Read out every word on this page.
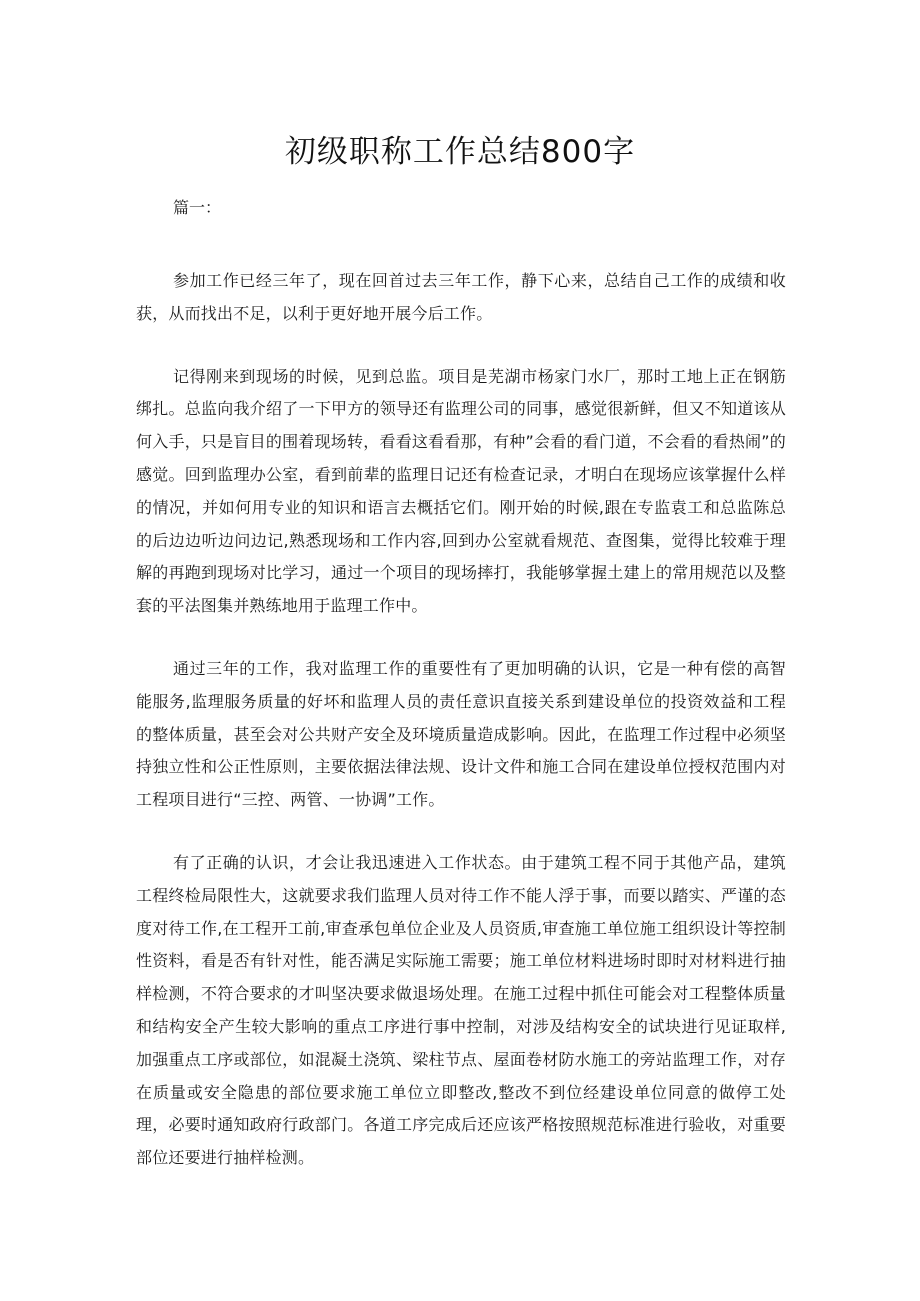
初级职称工作总结800字

篇一：

参加工作已经三年了，现在回首过去三年工作，静下心来，总结自己工作的成绩和收获，从而找出不足，以利于更好地开展今后工作。

记得刚来到现场的时候，见到总监。项目是芜湖市杨家门水厂，那时工地上正在钢筋绑扎。总监向我介绍了一下甲方的领导还有监理公司的同事，感觉很新鲜，但又不知道该从何入手，只是盲目的围着现场转，看看这看看那，有种”会看的看门道，不会看的看热闹”的感觉。回到监理办公室，看到前辈的监理日记还有检查记录，才明白在现场应该掌握什么样的情况，并如何用专业的知识和语言去概括它们。刚开始的时候,跟在专监袁工和总监陈总的后边边听边问边记,熟悉现场和工作内容,回到办公室就看规范、查图集，觉得比较难于理解的再跑到现场对比学习，通过一个项目的现场摔打，我能够掌握土建上的常用规范以及整套的平法图集并熟练地用于监理工作中。

通过三年的工作，我对监理工作的重要性有了更加明确的认识，它是一种有偿的高智能服务,监理服务质量的好坏和监理人员的责任意识直接关系到建设单位的投资效益和工程的整体质量，甚至会对公共财产安全及环境质量造成影响。因此，在监理工作过程中必须坚持独立性和公正性原则，主要依据法律法规、设计文件和施工合同在建设单位授权范围内对工程项目进行“三控、两管、一协调”工作。

有了正确的认识，才会让我迅速进入工作状态。由于建筑工程不同于其他产品，建筑工程终检局限性大，这就要求我们监理人员对待工作不能人浮于事，而要以踏实、严谨的态度对待工作,在工程开工前,审查承包单位企业及人员资质,审查施工单位施工组织设计等控制性资料，看是否有针对性，能否满足实际施工需要；施工单位材料进场时即时对材料进行抽样检测，不符合要求的才叫坚决要求做退场处理。在施工过程中抓住可能会对工程整体质量和结构安全产生较大影响的重点工序进行事中控制，对涉及结构安全的试块进行见证取样,加强重点工序或部位，如混凝土浇筑、梁柱节点、屋面卷材防水施工的旁站监理工作，对存在质量或安全隐患的部位要求施工单位立即整改,整改不到位经建设单位同意的做停工处理，必要时通知政府行政部门。各道工序完成后还应该严格按照规范标准进行验收，对重要部位还要进行抽样检测。
